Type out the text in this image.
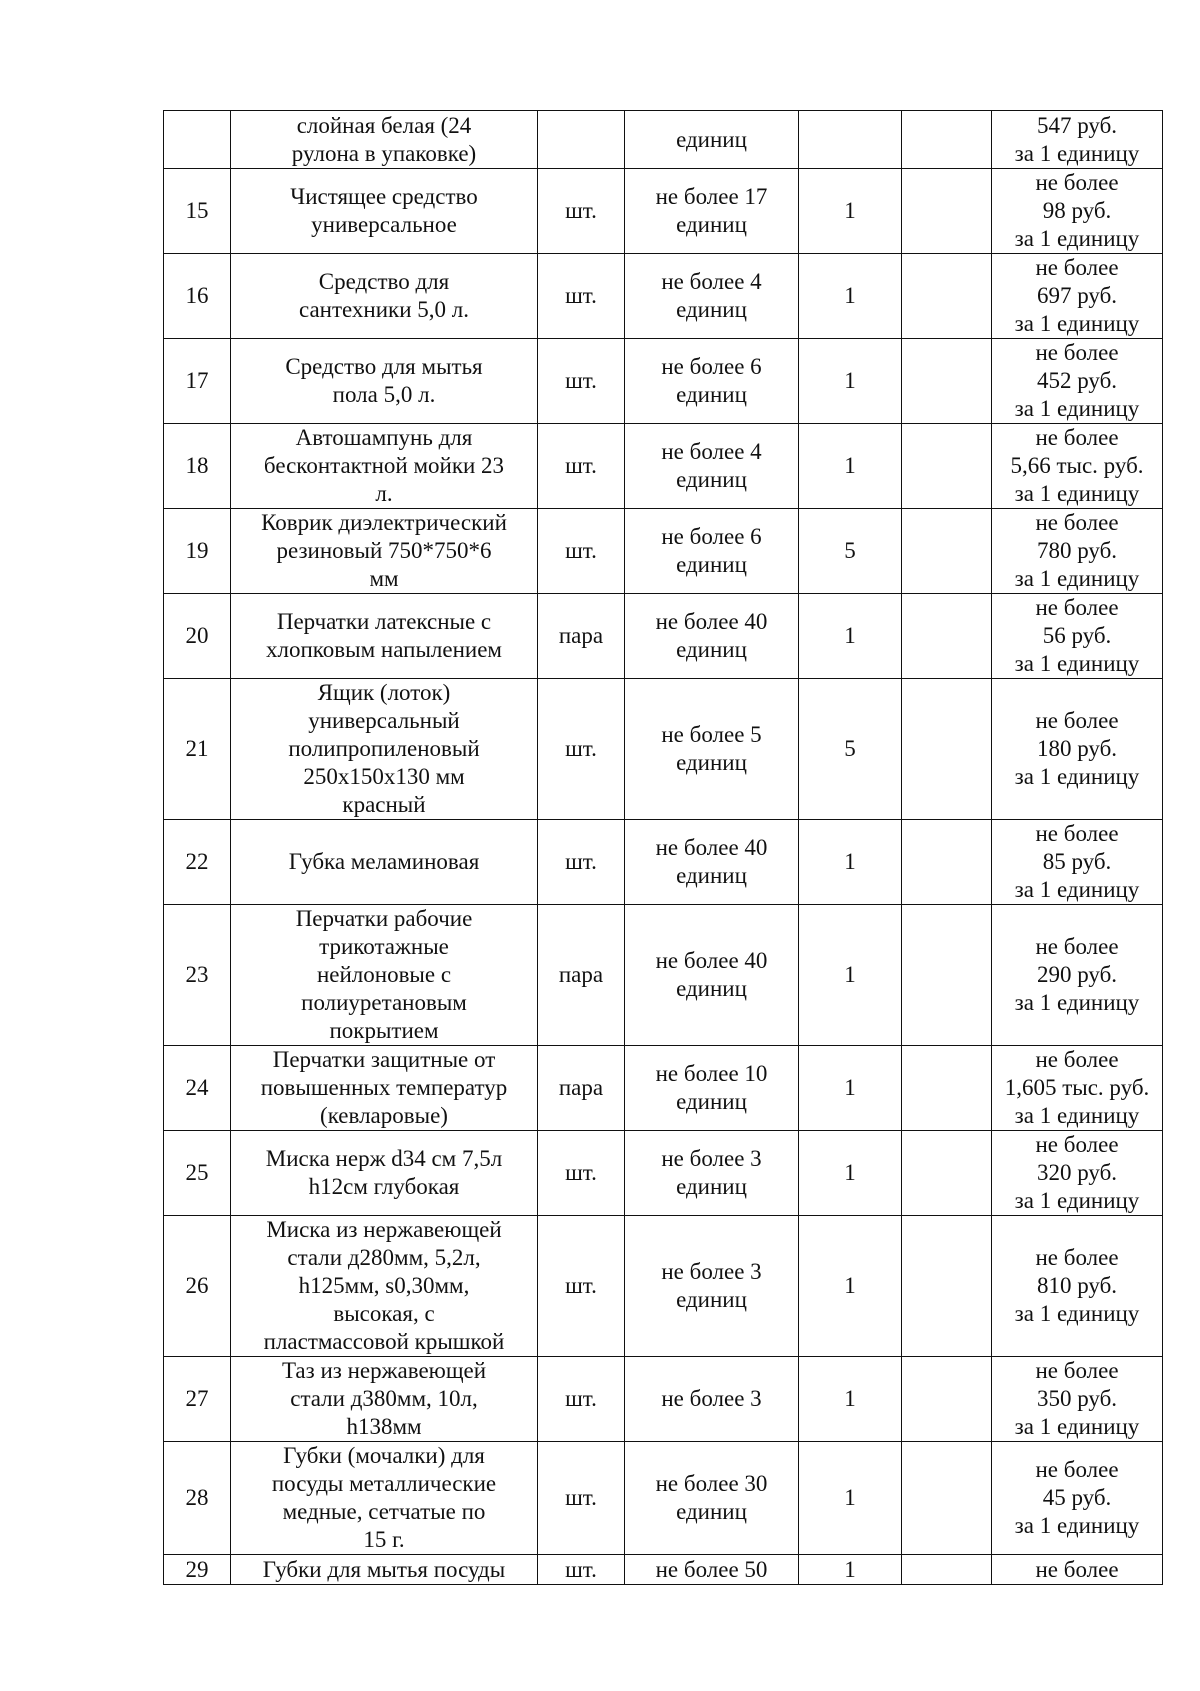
	слойная белая (24
рулона в упаковке)		единиц			547 руб.
за 1 единицу

15	Чистящее средство
универсальное	шт.	не более 17
единиц	1		не более
98 руб.
за 1 единицу

16	Средство для
сантехники 5,0 л.	шт.	не более 4
единиц	1		не более
697 руб.
за 1 единицу

17	Средство для мытья
пола 5,0 л.	шт.	не более 6
единиц	1		не более
452 руб.
за 1 единицу

18	Автошампунь для
бесконтактной мойки 23
л.	шт.	не более 4
единиц	1		не более
5,66 тыс. руб.
за 1 единицу

19	Коврик диэлектрический
резиновый 750*750*6
мм	шт.	не более 6
единиц	5		не более
780 руб.
за 1 единицу

20	Перчатки латексные с
хлопковым напылением	пара	не более 40
единиц	1		не более
56 руб.
за 1 единицу

21	Ящик (лоток)
универсальный
полипропиленовый
250x150x130 мм
красный	шт.	не более 5
единиц	5		не более
180 руб.
за 1 единицу

22	Губка меламиновая	шт.	не более 40
единиц	1		не более
85 руб.
за 1 единицу

23	Перчатки рабочие
трикотажные
нейлоновые с
полиуретановым
покрытием	пара	не более 40
единиц	1		не более
290 руб.
за 1 единицу

24	Перчатки защитные от
повышенных температур
(кевларовые)	пара	не более 10
единиц	1		не более
1,605 тыс. руб.
за 1 единицу

25	Миска нерж d34 см 7,5л
h12см глубокая	шт.	не более 3
единиц	1		не более
320 руб.
за 1 единицу

26	Миска из нержавеющей
стали д280мм, 5,2л,
h125мм, s0,30мм,
высокая, с
пластмассовой крышкой	шт.	не более 3
единиц	1		не более
810 руб.
за 1 единицу

27	Таз из нержавеющей
стали д380мм, 10л,
h138мм	шт.	не более 3	1		не более
350 руб.
за 1 единицу

28	Губки (мочалки) для
посуды металлические
медные, сетчатые по
15 г.	шт.	не более 30
единиц	1		не более
45 руб.
за 1 единицу

29	Губки для мытья посуды	шт.	не более 50	1		не более
